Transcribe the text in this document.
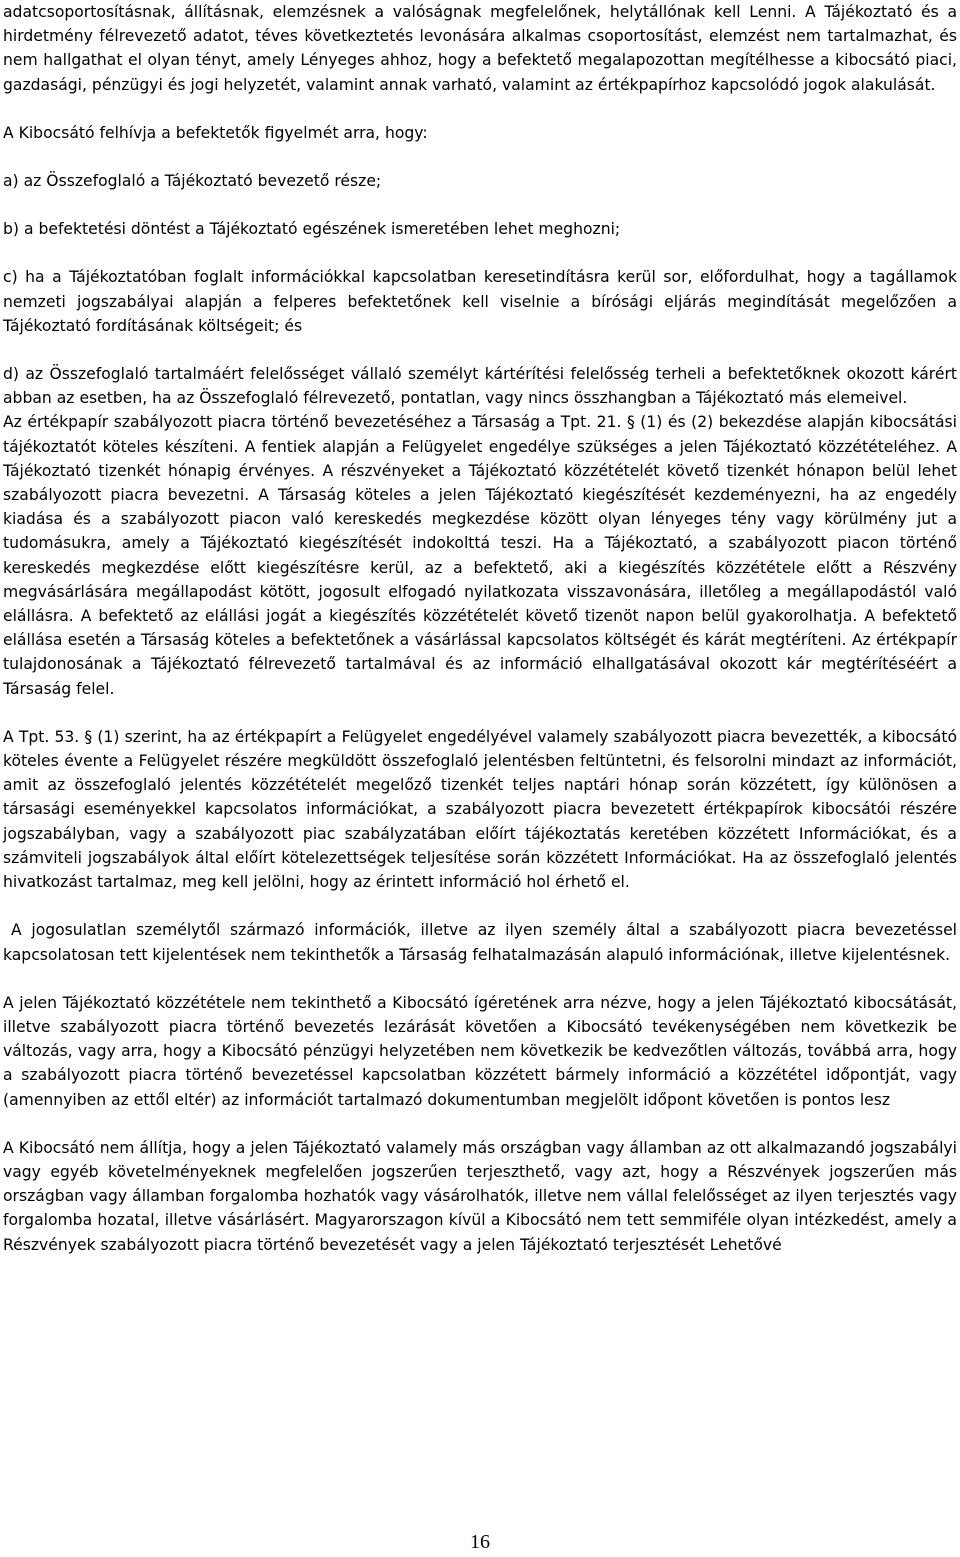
adatcsoportosításnak, állításnak, elemzésnek a valóságnak megfelelőnek, helytállónak kell Lenni. A Tájékoztató és a hirdetmény félrevezető adatot, téves következtetés levonására alkalmas csoportosítást, elemzést nem tartalmazhat, és nem hallgathat el olyan tényt, amely Lényeges ahhoz, hogy a befektető megalapozottan megítélhesse a kibocsátó piaci, gazdasági, pénzügyi és jogi helyzetét, valamint annak varható, valamint az értékpapírhoz kapcsolódó jogok alakulását.

A Kibocsátó felhívja a befektetők figyelmét arra, hogy:

a) az Összefoglaló a Tájékoztató bevezető része;

b) a befektetési döntést a Tájékoztató egészének ismeretében lehet meghozni;

c) ha a Tájékoztatóban foglalt információkkal kapcsolatban keresetindításra kerül sor, előfordulhat, hogy a tagállamok nemzeti jogszabályai alapján a felperes befektetőnek kell viselnie a bírósági eljárás megindítását megelőzően a Tájékoztató fordításának költségeit; és

d) az Összefoglaló tartalmáért felelősséget vállaló személyt kártérítési felelősség terheli a befektetőknek okozott kárért abban az esetben, ha az Összefoglaló félrevezető, pontatlan, vagy nincs összhangban a Tájékoztató más elemeivel.

Az értékpapír szabályozott piacra történő bevezetéséhez a Társaság a Tpt. 21. § (1) és (2) bekezdése alapján kibocsátási tájékoztatót köteles készíteni. A fentiek alapján a Felügyelet engedélye szükséges a jelen Tájékoztató közzétételéhez. A Tájékoztató tizenkét hónapig érvényes. A részvényeket a Tájékoztató közzétételét követő tizenkét hónapon belül lehet szabályozott piacra bevezetni. A Társaság köteles a jelen Tájékoztató kiegészítését kezdeményezni, ha az engedély kiadása és a szabályozott piacon való kereskedés megkezdése között olyan lényeges tény vagy körülmény jut a tudomásukra, amely a Tájékoztató kiegészítését indokolttá teszi. Ha a Tájékoztató, a szabályozott piacon történő kereskedés megkezdése előtt kiegészítésre kerül, az a befektető, aki a kiegészítés közzététele előtt a Részvény megvásárlására megállapodást kötött, jogosult elfogadó nyilatkozata visszavonására, illetőleg a megállapodástól való elállásra. A befektető az elállási jogát a kiegészítés közzétételét követő tizenöt napon belül gyakorolhatja. A befektető elállása esetén a Társaság köteles a befektetőnek a vásárlással kapcsolatos költségét és kárát megtéríteni. Az értékpapír tulajdonosának a Tájékoztató félrevezető tartalmával és az információ elhallgatásával okozott kár megtérítéséért a Társaság felel.

A Tpt. 53. § (1) szerint, ha az értékpapírt a Felügyelet engedélyével valamely szabályozott piacra bevezették, a kibocsátó köteles évente a Felügyelet részére megküldött összefoglaló jelentésben feltüntetni, és felsorolni mindazt az információt, amit az összefoglaló jelentés közzétételét megelőző tizenkét teljes naptári hónap során közzétett, így különösen a társasági eseményekkel kapcsolatos információkat, a szabályozott piacra bevezetett értékpapírok kibocsátói részére jogszabályban, vagy a szabályozott piac szabályzatában előírt tájékoztatás keretében közzétett Információkat, és a számviteli jogszabályok által előírt kötelezettségek teljesítése során közzétett Információkat. Ha az összefoglaló jelentés hivatkozást tartalmaz, meg kell jelölni, hogy az érintett információ hol érhető el.

A jogosulatlan személytől származó információk, illetve az ilyen személy által a szabályozott piacra bevezetéssel kapcsolatosan tett kijelentések nem tekinthetők a Társaság felhatalmazásán alapuló információnak, illetve kijelentésnek.

A jelen Tájékoztató közzététele nem tekinthető a Kibocsátó ígéretének arra nézve, hogy a jelen Tájékoztató kibocsátását, illetve szabályozott piacra történő bevezetés lezárását követően a Kibocsátó tevékenységében nem következik be változás, vagy arra, hogy a Kibocsátó pénzügyi helyzetében nem következik be kedvezőtlen változás, továbbá arra, hogy a szabályozott piacra történő bevezetéssel kapcsolatban közzétett bármely információ a közzététel időpontját, vagy (amennyiben az ettől eltér) az információt tartalmazó dokumentumban megjelölt időpont követően is pontos lesz

A Kibocsátó nem állítja, hogy a jelen Tájékoztató valamely más országban vagy államban az ott alkalmazandó jogszabályi vagy egyéb követelményeknek megfelelően jogszerűen terjeszthető, vagy azt, hogy a Részvények jogszerűen más országban vagy államban forgalomba hozhatók vagy vásárolhatók, illetve nem vállal felelősséget az ilyen terjesztés vagy forgalomba hozatal, illetve vásárlásért. Magyarorszagon kívül a Kibocsátó nem tett semmiféle olyan intézkedést, amely a Részvények szabályozott piacra történő bevezetését vagy a jelen Tájékoztató terjesztését Lehetővé

16
